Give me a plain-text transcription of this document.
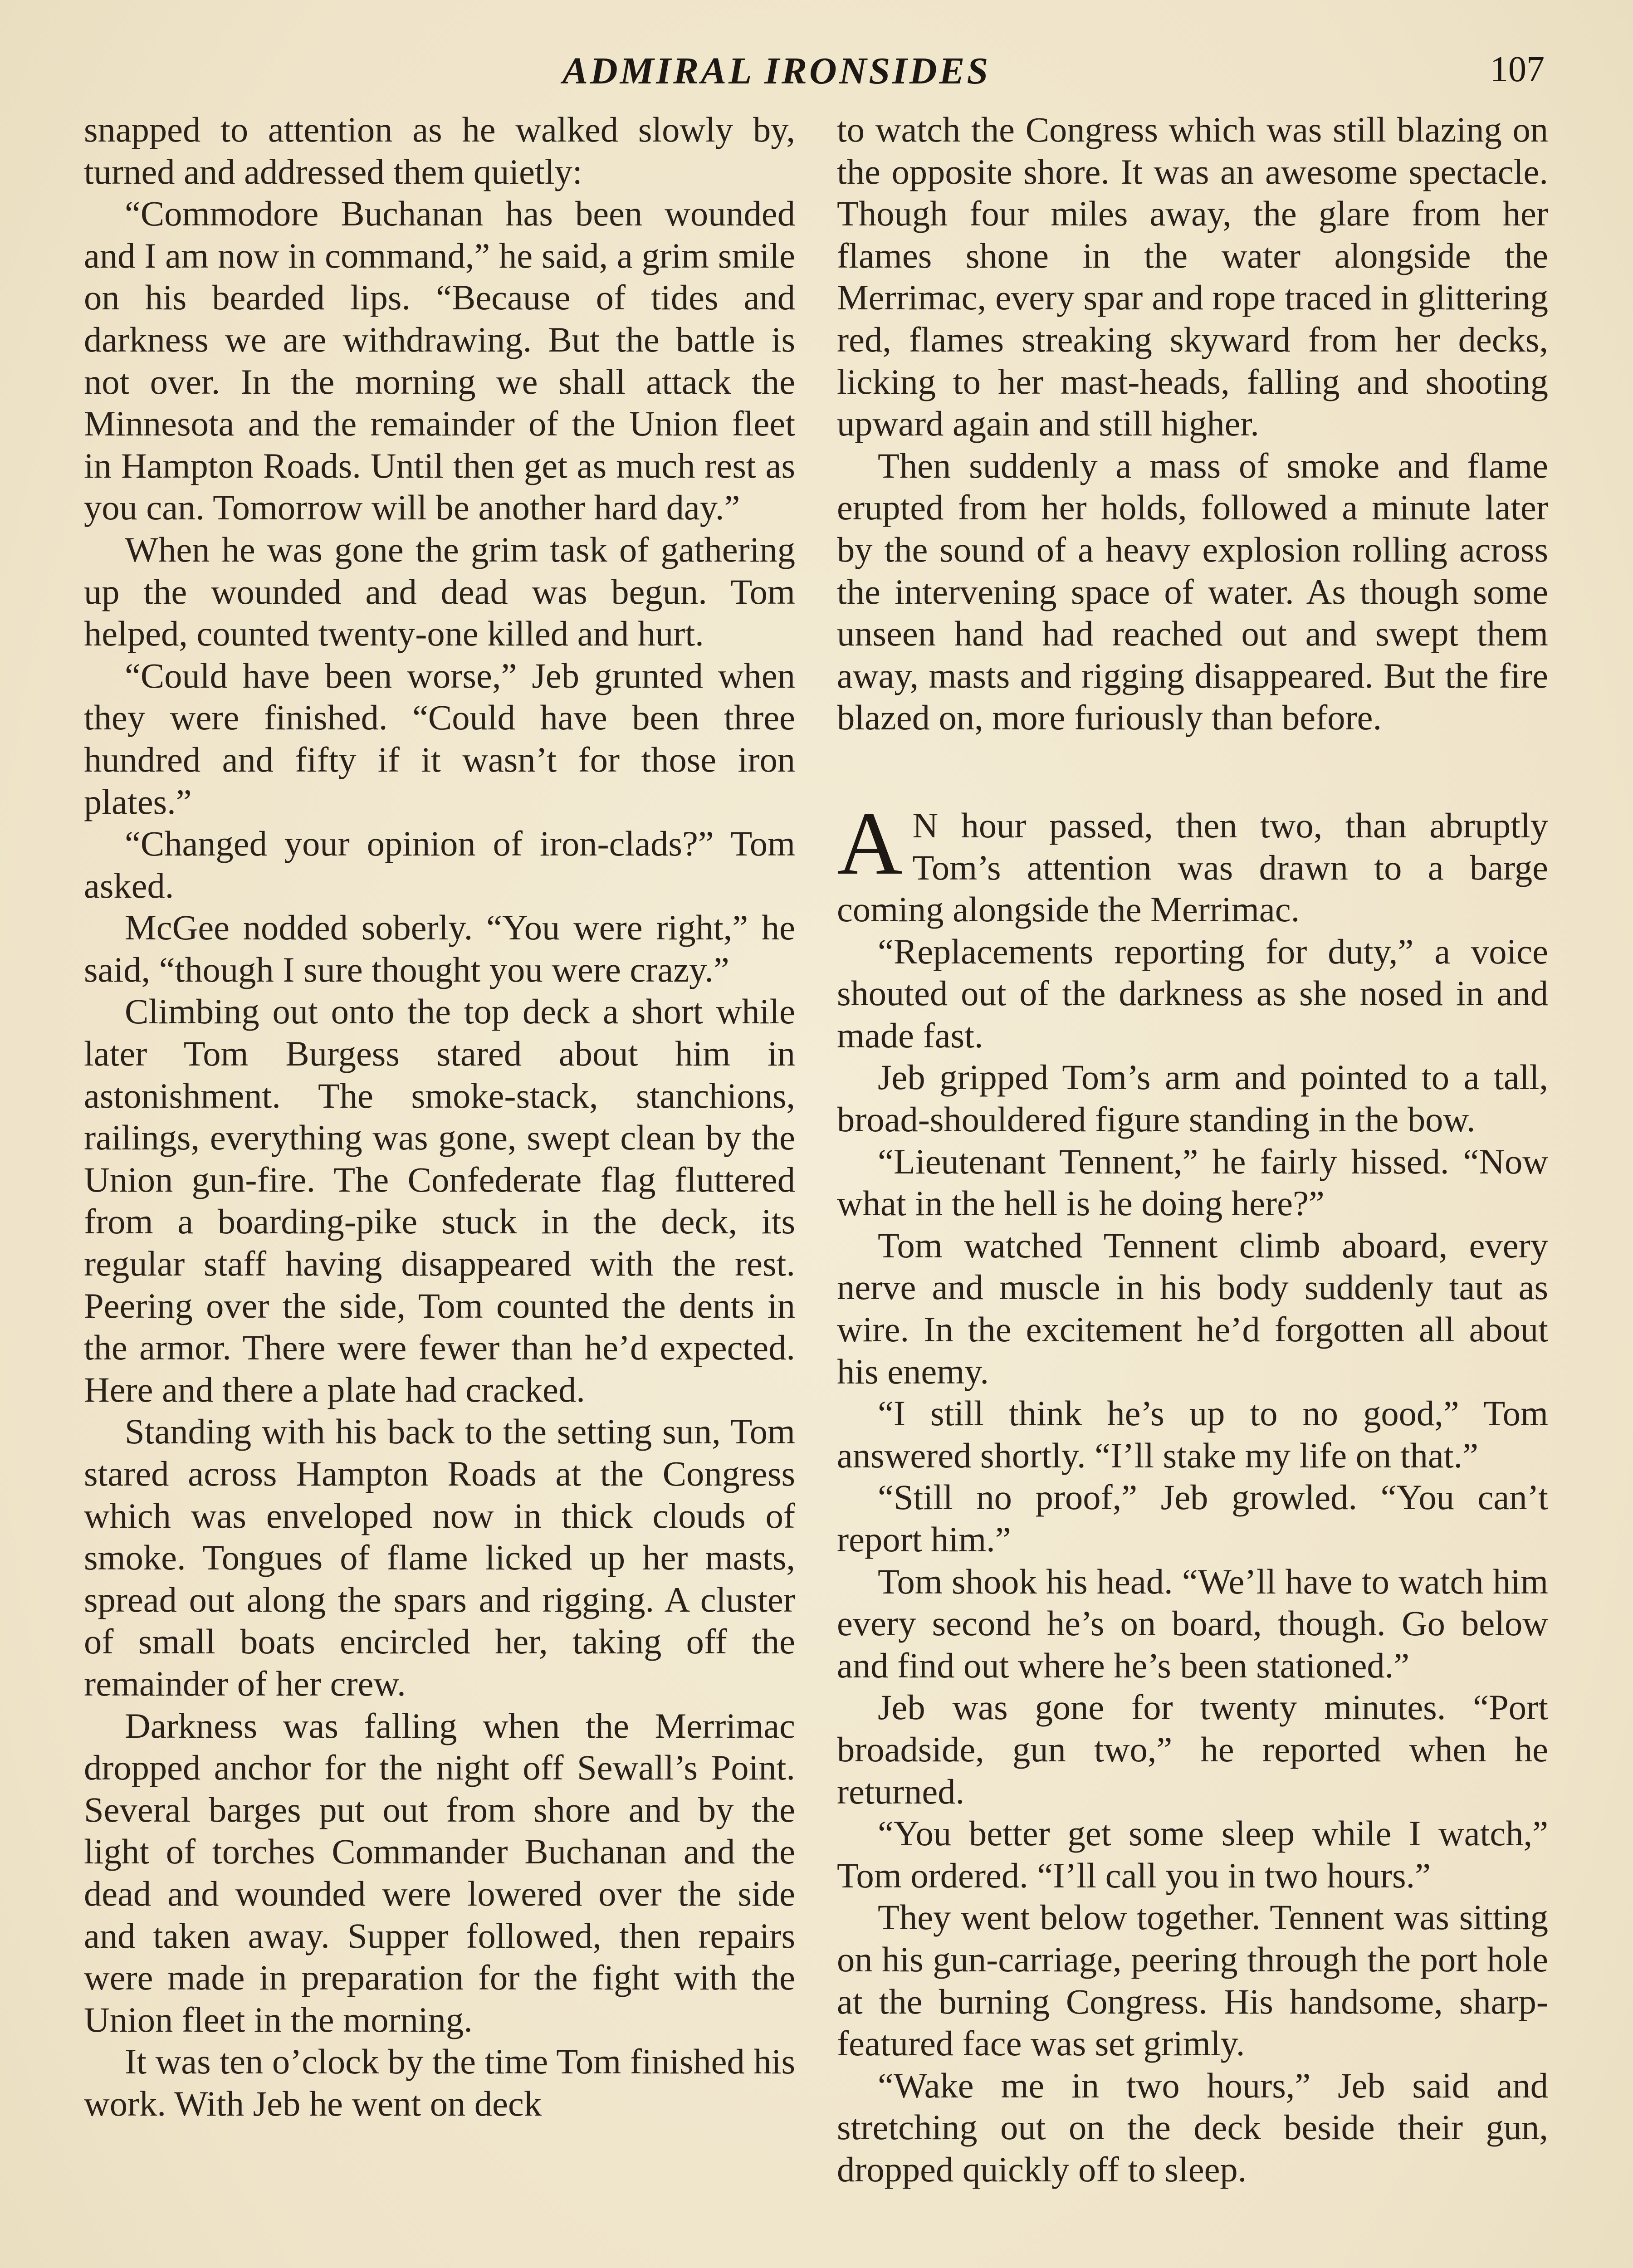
ADMIRAL IRONSIDES	107

snapped to attention as he walked slowly by, turned and addressed them quietly:

“Commodore Buchanan has been wounded and I am now in command,” he said, a grim smile on his bearded lips. “Because of tides and darkness we are withdrawing. But the battle is not over. In the morning we shall attack the Minnesota and the remainder of the Union fleet in Hampton Roads. Until then get as much rest as you can. Tomorrow will be another hard day.”

When he was gone the grim task of gathering up the wounded and dead was begun. Tom helped, counted twenty-one killed and hurt.

“Could have been worse,” Jeb grunted when they were finished. “Could have been three hundred and fifty if it wasn’t for those iron plates.”

“Changed your opinion of iron-clads?” Tom asked.

McGee nodded soberly. “You were right,” he said, “though I sure thought you were crazy.”

Climbing out onto the top deck a short while later Tom Burgess stared about him in astonishment. The smoke-stack, stanchions, railings, everything was gone, swept clean by the Union gun-fire. The Confederate flag fluttered from a boarding-pike stuck in the deck, its regular staff having disappeared with the rest. Peering over the side, Tom counted the dents in the armor. There were fewer than he’d expected. Here and there a plate had cracked.

Standing with his back to the setting sun, Tom stared across Hampton Roads at the Congress which was enveloped now in thick clouds of smoke. Tongues of flame licked up her masts, spread out along the spars and rigging. A cluster of small boats encircled her, taking off the remainder of her crew.

Darkness was falling when the Merrimac dropped anchor for the night off Sewall’s Point. Several barges put out from shore and by the light of torches Commander Buchanan and the dead and wounded were lowered over the side and taken away. Supper followed, then repairs were made in preparation for the fight with the Union fleet in the morning.

It was ten o’clock by the time Tom finished his work. With Jeb he went on deck

to watch the Congress which was still blazing on the opposite shore. It was an awesome spectacle. Though four miles away, the glare from her flames shone in the water alongside the Merrimac, every spar and rope traced in glittering red, flames streaking skyward from her decks, licking to her mast-heads, falling and shooting upward again and still higher.

Then suddenly a mass of smoke and flame erupted from her holds, followed a minute later by the sound of a heavy explosion rolling across the intervening space of water. As though some unseen hand had reached out and swept them away, masts and rigging disappeared. But the fire blazed on, more furiously than before.

A N hour passed, then two, than abruptly Tom’s attention was drawn to a barge coming alongside the Merrimac.

“Replacements reporting for duty,” a voice shouted out of the darkness as she nosed in and made fast.

Jeb gripped Tom’s arm and pointed to a tall, broad-shouldered figure standing in the bow.

“Lieutenant Tennent,” he fairly hissed. “Now what in the hell is he doing here?”

Tom watched Tennent climb aboard, every nerve and muscle in his body suddenly taut as wire. In the excitement he’d forgotten all about his enemy.

“I still think he’s up to no good,” Tom answered shortly. “I’ll stake my life on that.”

“Still no proof,” Jeb growled. “You can’t report him.”

Tom shook his head. “We’ll have to watch him every second he’s on board, though. Go below and find out where he’s been stationed.”

Jeb was gone for twenty minutes. “Port broadside, gun two,” he reported when he returned.

“You better get some sleep while I watch,” Tom ordered. “I’ll call you in two hours.”

They went below together. Tennent was sitting on his gun-carriage, peering through the port hole at the burning Congress. His handsome, sharp-featured face was set grimly.

“Wake me in two hours,” Jeb said and stretching out on the deck beside their gun, dropped quickly off to sleep.
